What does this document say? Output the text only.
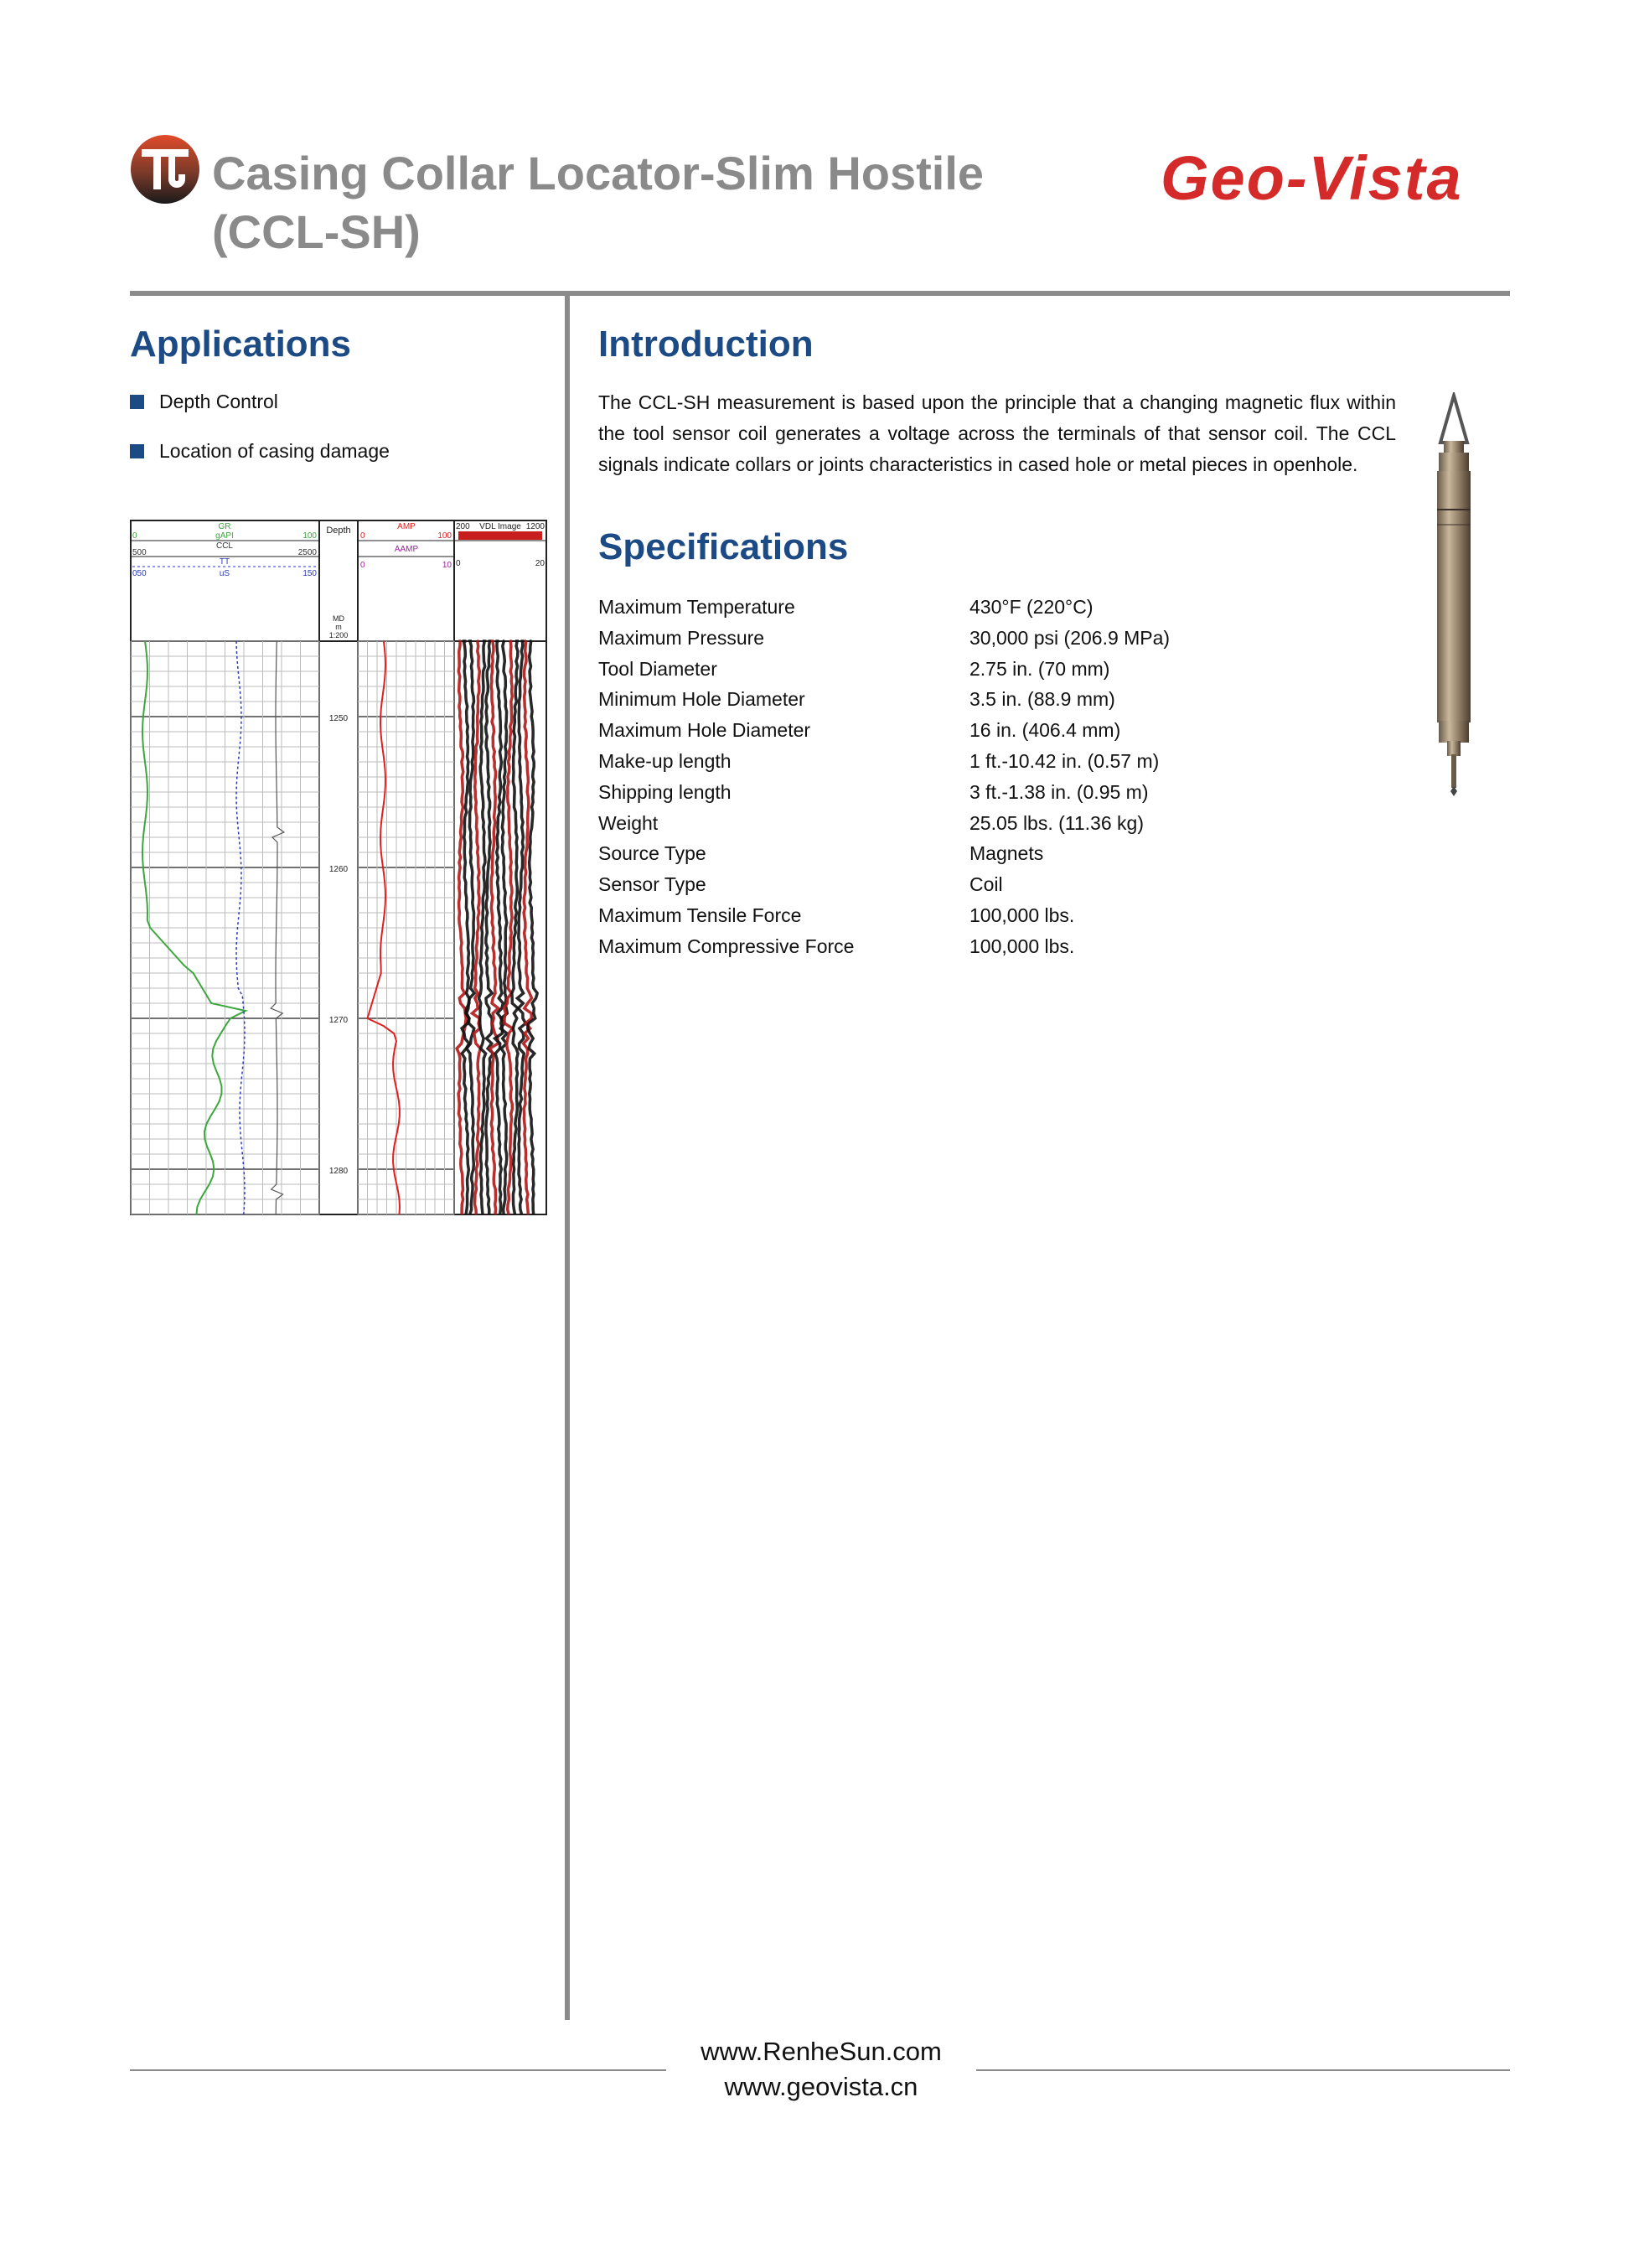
Casing Collar Locator-Slim Hostile
(CCL-SH)
Geo-Vista
Applications
Depth Control
Location of casing damage
GR
0	gAPI	100
CCL
500	2500
TT
050	uS	150
Depth
MD
m
1:200
AMP
0	100
AAMP
0	10
200 VDL Image 1200
0	20
1250
1260
1270
1280
Introduction
The CCL-SH measurement is based upon the principle that a changing magnetic flux within the tool sensor coil generates a voltage across the terminals of that sensor coil. The CCL signals indicate collars or joints characteristics in cased hole or metal pieces in openhole.
Specifications
Maximum Temperature	430°F (220°C)
Maximum Pressure	30,000 psi (206.9 MPa)
Tool Diameter	2.75 in. (70 mm)
Minimum Hole Diameter	3.5 in. (88.9 mm)
Maximum Hole Diameter	16 in. (406.4 mm)
Make-up length	1 ft.-10.42 in. (0.57 m)
Shipping length	3 ft.-1.38 in. (0.95 m)
Weight	25.05 lbs. (11.36 kg)
Source Type	Magnets
Sensor Type	Coil
Maximum Tensile Force	100,000 lbs.
Maximum Compressive Force	100,000 lbs.
www.RenheSun.com
www.geovista.cn
